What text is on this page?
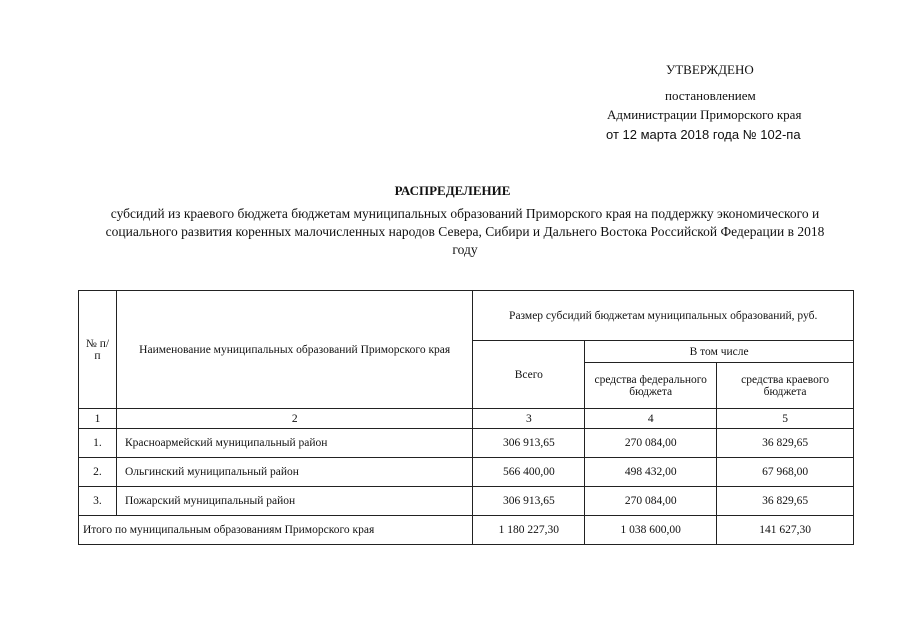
УТВЕРЖДЕНО
постановлением
Администрации Приморского края
от 12 марта 2018 года № 102-па
РАСПРЕДЕЛЕНИЕ
субсидий из краевого бюджета бюджетам муниципальных образований Приморского края на поддержку экономического и социального развития коренных малочисленных народов Севера, Сибири и Дальнего Востока Российской Федерации в 2018 году
№ п/п	Наименование муниципальных образований Приморского края	Размер субсидий бюджетам муниципальных образований, руб.		
		Всего	В том числе	
			средства федерального бюджета	средства краевого бюджета
1	2	3	4	5
1.	Красноармейский муниципальный район	306 913,65	270 084,00	36 829,65
2.	Ольгинский муниципальный район	566 400,00	498 432,00	67 968,00
3.	Пожарский муниципальный район	306 913,65	270 084,00	36 829,65
Итого по муниципальным образованиям Приморского края		1 180 227,30	1 038 600,00	141 627,30
